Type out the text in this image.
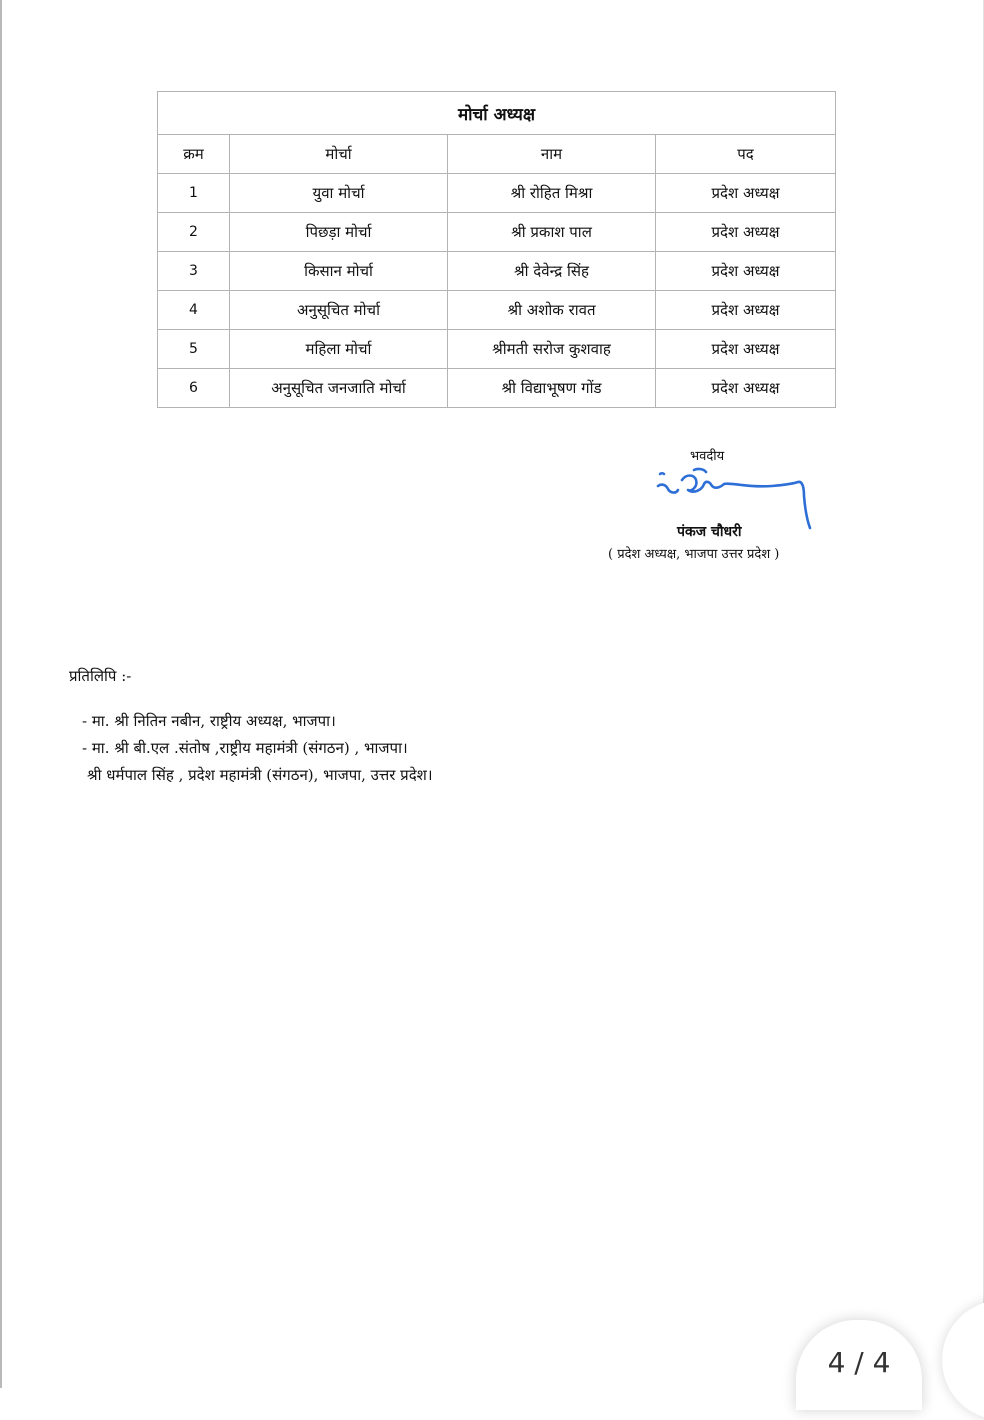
मोर्चा अध्यक्ष			
क्रम	मोर्चा	नाम	पद
1	युवा मोर्चा	श्री रोहित मिश्रा	प्रदेश अध्यक्ष
2	पिछड़ा मोर्चा	श्री प्रकाश पाल	प्रदेश अध्यक्ष
3	किसान मोर्चा	श्री देवेन्द्र सिंह	प्रदेश अध्यक्ष
4	अनुसूचित मोर्चा	श्री अशोक रावत	प्रदेश अध्यक्ष
5	महिला मोर्चा	श्रीमती सरोज कुशवाह	प्रदेश अध्यक्ष
6	अनुसूचित जनजाति मोर्चा	श्री विद्याभूषण गोंड	प्रदेश अध्यक्ष
भवदीय
पंकज चौधरी
( प्रदेश अध्यक्ष, भाजपा उत्तर प्रदेश )
प्रतिलिपि :-
- मा. श्री नितिन नबीन, राष्ट्रीय अध्यक्ष, भाजपा।
- मा. श्री बी.एल .संतोष ,राष्ट्रीय महामंत्री (संगठन) , भाजपा।
श्री धर्मपाल सिंह , प्रदेश महामंत्री (संगठन), भाजपा, उत्तर प्रदेश।
4 / 4
